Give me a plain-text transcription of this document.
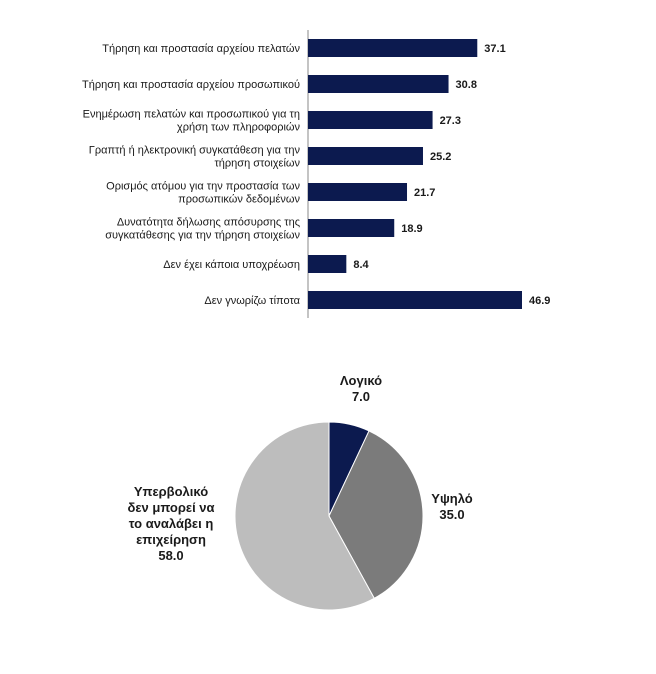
37.1
Τήρηση και προστασία αρχείου πελατών
30.8
Τήρηση και προστασία αρχείου προσωπικού
27.3
Ενημέρωση πελατών και προσωπικού για τη
χρήση των πληροφοριών
25.2
Γραπτή ή ηλεκτρονική συγκατάθεση για την
τήρηση στοιχείων
21.7
Ορισμός ατόμου για την προστασία των
προσωπικών δεδομένων
18.9
Δυνατότητα δήλωσης απόσυρσης της
συγκατάθεσης για την τήρηση στοιχείων
8.4
Δεν έχει κάποια υποχρέωση
46.9
Δεν γνωρίζω τίποτα
Λογικό
7.0
Υψηλό
35.0
Υπερβολικό
δεν μπορεί να
το αναλάβει η
επιχείρηση
58.0
